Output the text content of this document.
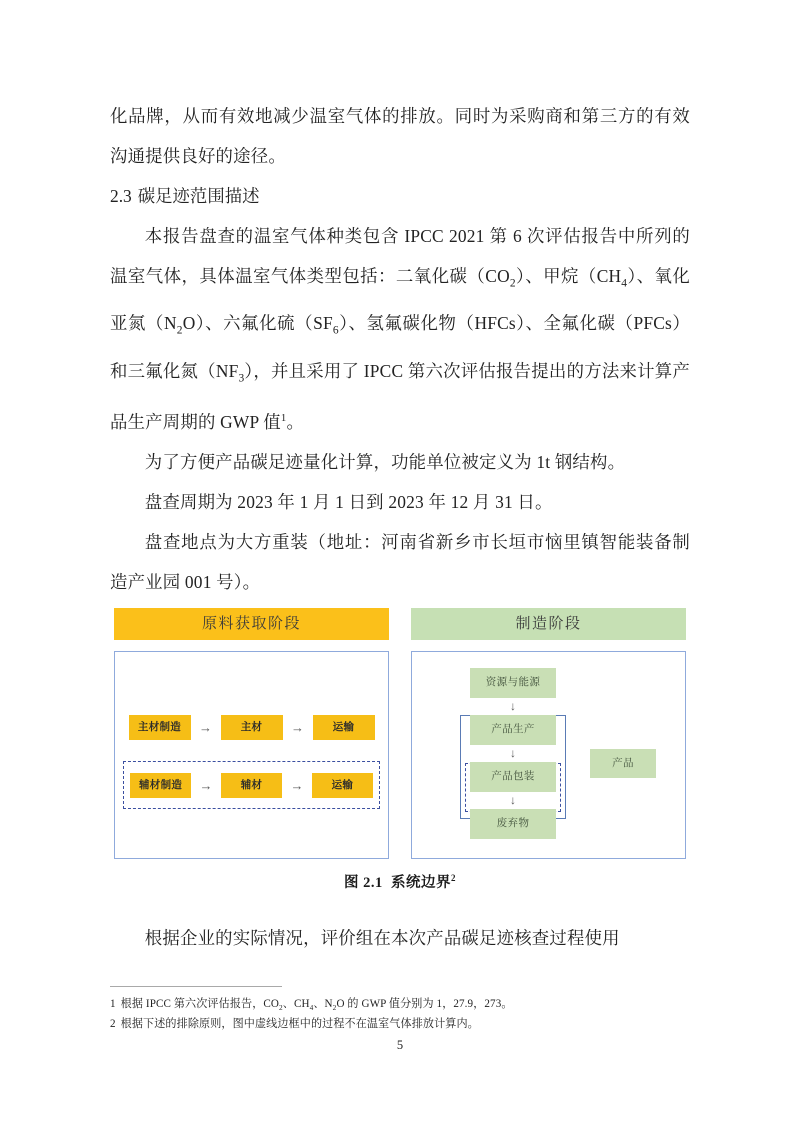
化品牌，从而有效地减少温室气体的排放。同时为采购商和第三方的有效沟通提供良好的途径。

2.3 碳足迹范围描述

本报告盘查的温室气体种类包含 IPCC 2021 第 6 次评估报告中所列的温室气体，具体温室气体类型包括：二氧化碳$(CO_2)$、甲烷$(CH_4)$、氧化亚氮$(N_2O)$、六氟化硫$(SF_6)$、氢氟碳化物（HFCs）、全氟化碳（PFCs）和三氟化氮$(NF_3)$，并且采用了 IPCC 第六次评估报告提出的方法来计算产品生产周期的 GWP 值$^1$。

为了方便产品碳足迹量化计算，功能单位被定义为 1t 钢结构。

盘查周期为 2023 年 1 月 1 日到 2023 年 12 月 31 日。

盘查地点为大方重装（地址：河南省新乡市长垣市恼里镇智能装备制造产业园 001 号）。

原料获取阶段
主材制造	→	主材	→	运输
辅材制造	→	辅材	→	运输
制造阶段
资源与能源
↓
产品生产
↓
产品包装
↓
废弃物
产品
图 2.1 系统边界$^2$

根据企业的实际情况，评价组在本次产品碳足迹核查过程使用

1 根据 IPCC 第六次评估报告，$CO_2$、$CH_4$、$N_2O$ 的 GWP 值分别为 1，27.9，273。
2 根据下述的排除原则，图中虚线边框中的过程不在温室气体排放计算内。
5
